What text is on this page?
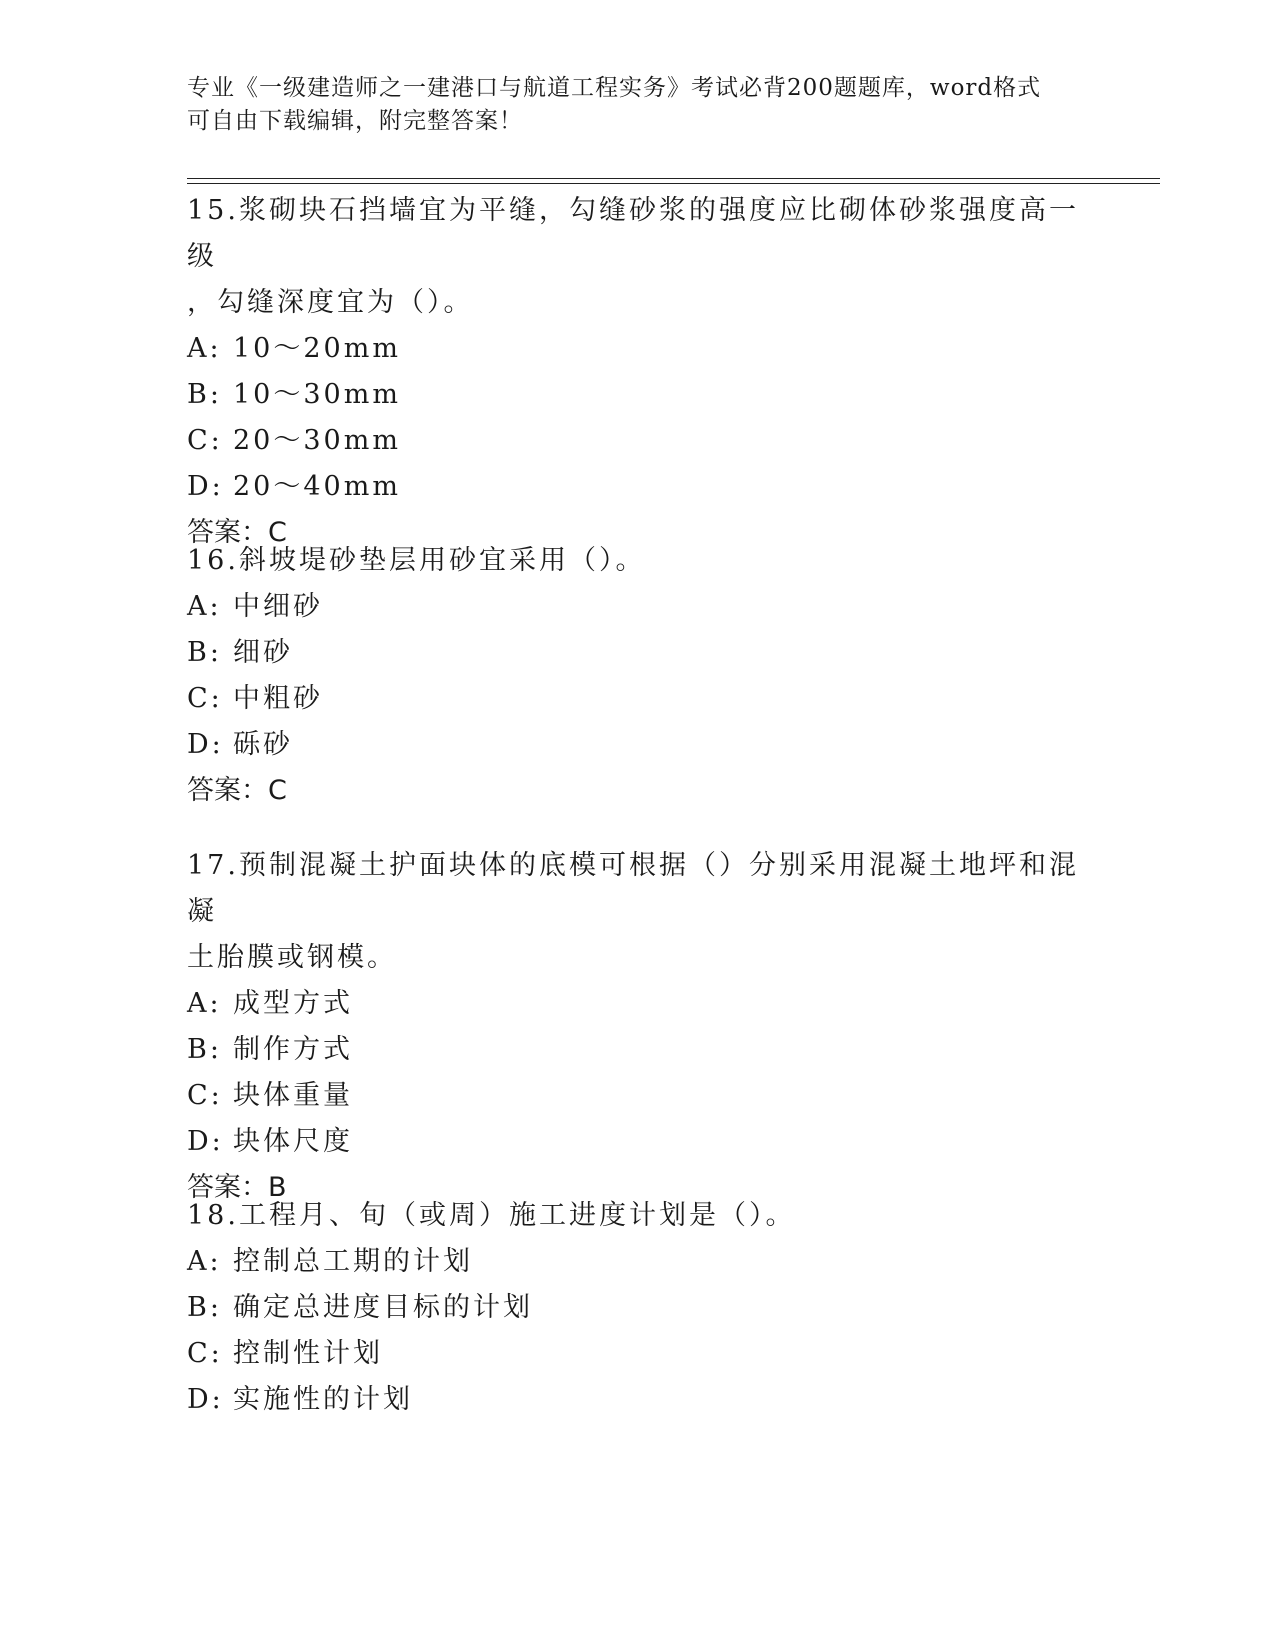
专业《一级建造师之一建港口与航道工程实务》考试必背200题题库，word格式
可自由下载编辑，附完整答案！
15.浆砌块石挡墙宜为平缝，勾缝砂浆的强度应比砌体砂浆强度高一级
，勾缝深度宜为（）。
A: 10～20mm
B: 10～30mm
C: 20～30mm
D: 20～40mm
答案：C
16.斜坡堤砂垫层用砂宜采用（）。
A: 中细砂
B: 细砂
C: 中粗砂
D: 砾砂
答案：C
17.预制混凝土护面块体的底模可根据（）分别采用混凝土地坪和混凝
土胎膜或钢模。
A: 成型方式
B: 制作方式
C: 块体重量
D: 块体尺度
答案：B
18.工程月、旬（或周）施工进度计划是（）。
A: 控制总工期的计划
B: 确定总进度目标的计划
C: 控制性计划
D: 实施性的计划
